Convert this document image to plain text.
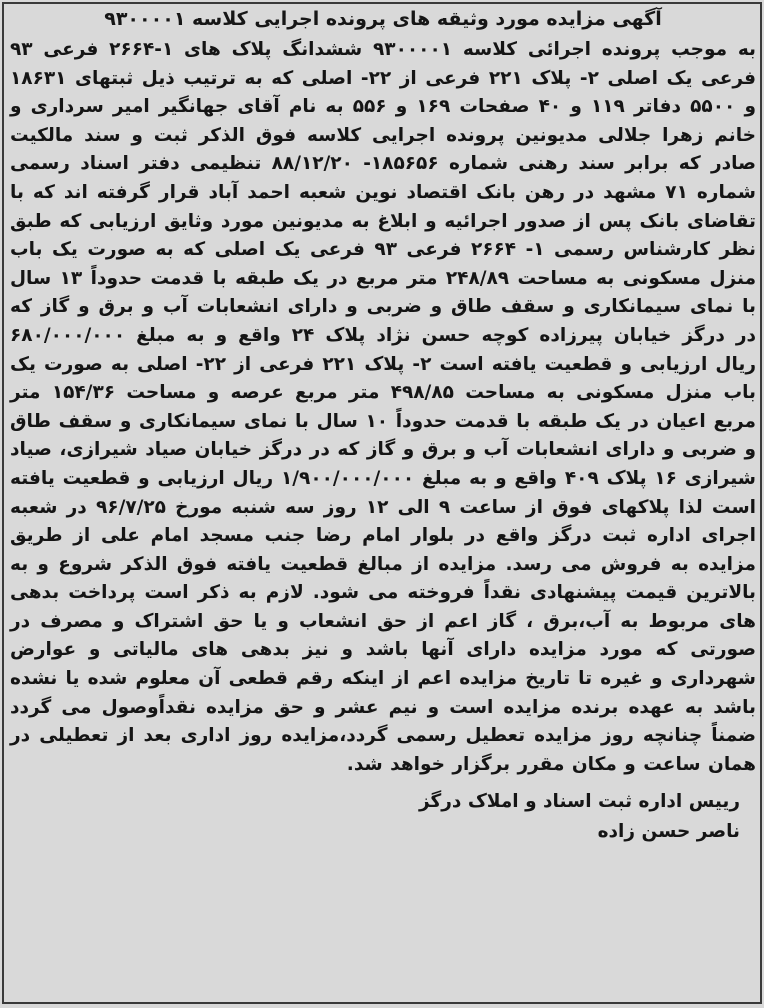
آگهی مزایده مورد وثیقه های پرونده اجرایی کلاسه ۹۳۰۰۰۰۱

به موجب پرونده اجرائی کلاسه ۹۳۰۰۰۰۱ ششدانگ پلاک های ۱-۲۶۶۴ فرعی ۹۳ فرعی یک اصلی ۲- پلاک ۲۲۱ فرعی از ۲۲- اصلی که به ترتیب ذیل ثبتهای ۱۸۶۳۱ و ۵۵۰۰ دفاتر ۱۱۹ و ۴۰ صفحات ۱۶۹ و ۵۵۶ به نام آقای جهانگیر امیر سرداری و خانم زهرا جلالی مدیونین پرونده اجرایی کلاسه فوق الذکر ثبت و سند مالکیت صادر که برابر سند رهنی شماره ۱۸۵۶۵۶- ۸۸/۱۲/۲۰ تنظیمی دفتر اسناد رسمی شماره ۷۱ مشهد در رهن بانک اقتصاد نوین شعبه احمد آباد قرار گرفته اند که با تقاضای بانک پس از صدور اجرائیه و ابلاغ به مدیونین مورد وثایق ارزیابی که طبق نظر کارشناس رسمی ۱- ۲۶۶۴ فرعی ۹۳ فرعی یک اصلی که به صورت یک باب منزل مسکونی به مساحت ۲۴۸/۸۹ متر مربع در یک طبقه با قدمت حدوداً ۱۳ سال با نمای سیمانکاری و سقف طاق و ضربی و دارای انشعابات آب و برق و گاز که در درگز خیابان پیرزاده کوچه حسن نژاد پلاک ۲۴ واقع و به مبلغ ۶۸۰/۰۰۰/۰۰۰ ریال ارزیابی و قطعیت یافته است ۲- پلاک ۲۲۱ فرعی از ۲۲- اصلی به صورت یک باب منزل مسکونی به مساحت ۴۹۸/۸۵ متر مربع عرصه و مساحت ۱۵۴/۳۶ متر مربع اعیان در یک طبقه با قدمت حدوداً ۱۰ سال با نمای سیمانکاری و سقف طاق و ضربی و دارای انشعابات آب و برق و گاز که در درگز خیابان صیاد شیرازی، صیاد شیرازی ۱۶ پلاک ۴۰۹ واقع و به مبلغ ۱/۹۰۰/۰۰۰/۰۰۰ ریال ارزیابی و قطعیت یافته است لذا پلاکهای فوق از ساعت ۹ الی ۱۲ روز سه شنبه مورخ ۹۶/۷/۲۵ در شعبه اجرای اداره ثبت درگز واقع در بلوار امام رضا جنب مسجد امام علی از طریق مزایده به فروش می رسد. مزایده از مبالغ قطعیت یافته فوق الذکر شروع و به بالاترین قیمت پیشنهادی نقداً فروخته می شود. لازم به ذکر است پرداخت بدهی های مربوط به آب،برق ، گاز اعم از حق انشعاب و یا حق اشتراک و مصرف در صورتی که مورد مزایده دارای آنها باشد و نیز بدهی های مالیاتی و عوارض شهرداری و غیره تا تاریخ مزایده اعم از اینکه رقم قطعی آن معلوم شده یا نشده باشد به عهده برنده مزایده است و نیم عشر و حق مزایده نقداًوصول می گردد ضمناً چنانچه روز مزایده تعطیل رسمی گردد،مزایده روز اداری بعد از تعطیلی در همان ساعت و مکان مقرر برگزار خواهد شد.

رییس اداره ثبت اسناد و املاک درگز
ناصر حسن زاده
